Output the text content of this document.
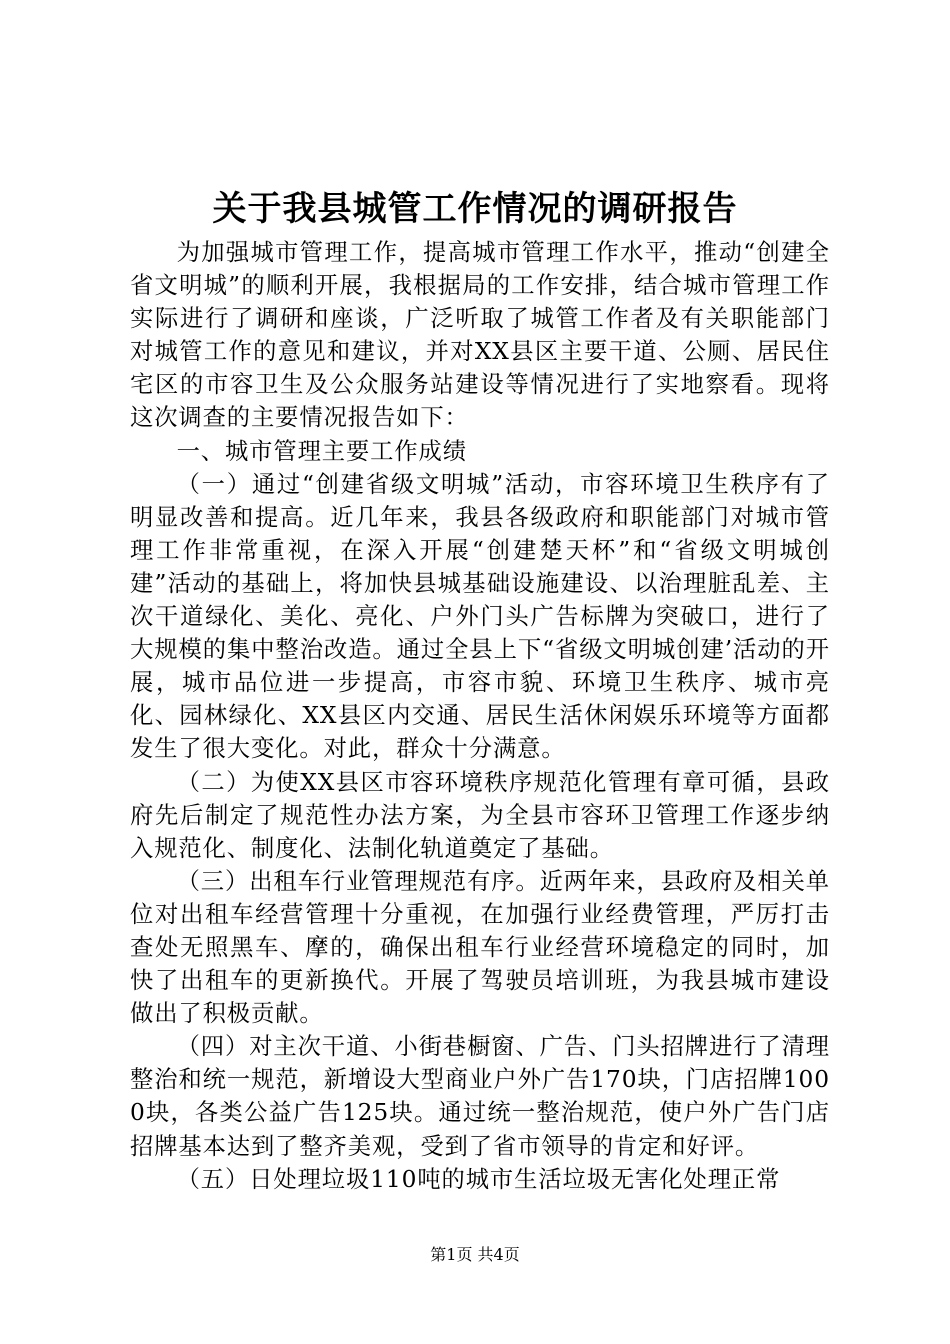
关于我县城管工作情况的调研报告

为加强城市管理工作，提高城市管理工作水平，推动“创建全省文明城”的顺利开展，我根据局的工作安排，结合城市管理工作实际进行了调研和座谈，广泛听取了城管工作者及有关职能部门对城管工作的意见和建议，并对XX县区主要干道、公厕、居民住宅区的市容卫生及公众服务站建设等情况进行了实地察看。现将这次调查的主要情况报告如下：

一、城市管理主要工作成绩

（一）通过“创建省级文明城”活动，市容环境卫生秩序有了明显改善和提高。近几年来，我县各级政府和职能部门对城市管理工作非常重视，在深入开展“创建楚天杯”和“省级文明城创建”活动的基础上，将加快县城基础设施建设、以治理脏乱差、主次干道绿化、美化、亮化、户外门头广告标牌为突破口，进行了大规模的集中整治改造。通过全县上下“省级文明城创建’活动的开展，城市品位进一步提高，市容市貌、环境卫生秩序、城市亮化、园林绿化、XX县区内交通、居民生活休闲娱乐环境等方面都发生了很大变化。对此，群众十分满意。

（二）为使XX县区市容环境秩序规范化管理有章可循，县政府先后制定了规范性办法方案，为全县市容环卫管理工作逐步纳入规范化、制度化、法制化轨道奠定了基础。

（三）出租车行业管理规范有序。近两年来，县政府及相关单位对出租车经营管理十分重视，在加强行业经费管理，严厉打击查处无照黑车、摩的，确保出租车行业经营环境稳定的同时，加快了出租车的更新换代。开展了驾驶员培训班，为我县城市建设做出了积极贡献。

（四）对主次干道、小街巷橱窗、广告、门头招牌进行了清理整治和统一规范，新增设大型商业户外广告170块，门店招牌1000块，各类公益广告125块。通过统一整治规范，使户外广告门店招牌基本达到了整齐美观，受到了省市领导的肯定和好评。

（五）日处理垃圾110吨的城市生活垃圾无害化处理正常

第1页 共4页
